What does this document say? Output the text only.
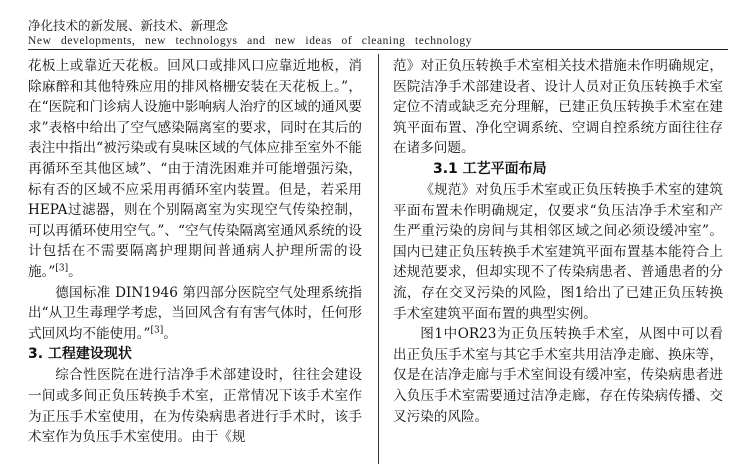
净化技术的新发展、新技术、新理念
New developments, new technologys and new ideas of cleaning technology

花板上或靠近天花板。回风口或排风口应靠近地板，消除麻醉和其他特殊应用的排风格栅安装在天花板上。”，在“医院和门诊病人设施中影响病人治疗的区域的通风要求”表格中给出了空气感染隔离室的要求，同时在其后的表注中指出“被污染或有臭味区域的气体应排至室外不能再循环至其他区域”、“由于清洗困难并可能增强污染，标有否的区域不应采用再循环室内装置。但是，若采用HEPA过滤器，则在个别隔离室为实现空气传染控制，可以再循环使用空气。”、“空气传染隔离室通风系统的设计包括在不需要隔离护理期间普通病人护理所需的设施。”[3]。

德国标准 DIN1946 第四部分医院空气处理系统指出“从卫生毒理学考虑，当回风含有有害气体时，任何形式回风均不能使用。”[3]。

3. 工程建设现状

综合性医院在进行洁净手术部建设时，往往会建设一间或多间正负压转换手术室，正常情况下该手术室作为正压手术室使用，在为传染病患者进行手术时，该手术室作为负压手术室使用。由于《规

范》对正负压转换手术室相关技术措施未作明确规定，医院洁净手术部建设者、设计人员对正负压转换手术室定位不清或缺乏充分理解，已建正负压转换手术室在建筑平面布置、净化空调系统、空调自控系统方面往往存在诸多问题。

3.1 工艺平面布局

《规范》对负压手术室或正负压转换手术室的建筑平面布置未作明确规定，仅要求“负压洁净手术室和产生严重污染的房间与其相邻区域之间必须设缓冲室”。国内已建正负压转换手术室建筑平面布置基本能符合上述规范要求，但却实现不了传染病患者、普通患者的分流，存在交叉污染的风险，图1给出了已建正负压转换手术室建筑平面布置的典型实例。

图1中OR23为正负压转换手术室，从图中可以看出正负压手术室与其它手术室共用洁净走廊、换床等，仅是在洁净走廊与手术室间设有缓冲室，传染病患者进入负压手术室需要通过洁净走廊，存在传染病传播、交叉污染的风险。
